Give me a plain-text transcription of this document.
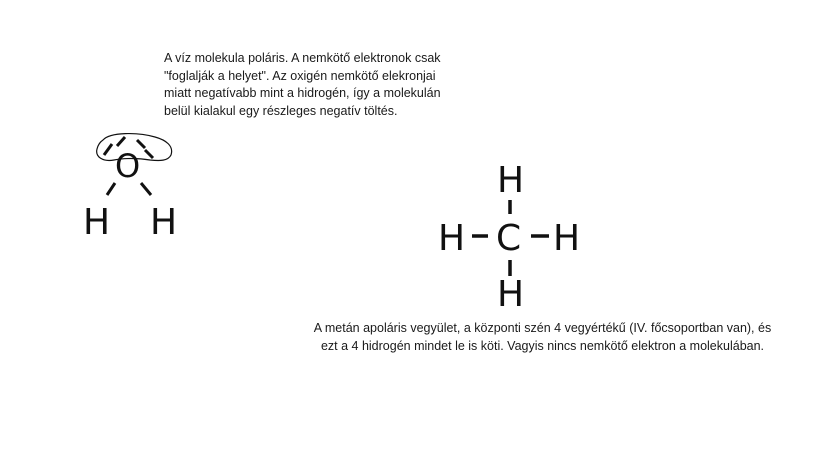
A víz molekula poláris. A nemkötő elektronok csak
"foglalják a helyet". Az oxigén nemkötő elekronjai
miatt negatívabb mint a hidrogén, így a molekulán
belül kialakul egy részleges negatív töltés.

O
H H
H
H C H
H

A metán apoláris vegyület, a központi szén 4 vegyértékű (IV. főcsoportban van), és
ezt a 4 hidrogén mindet le is köti. Vagyis nincs nemkötő elektron a molekulában.
